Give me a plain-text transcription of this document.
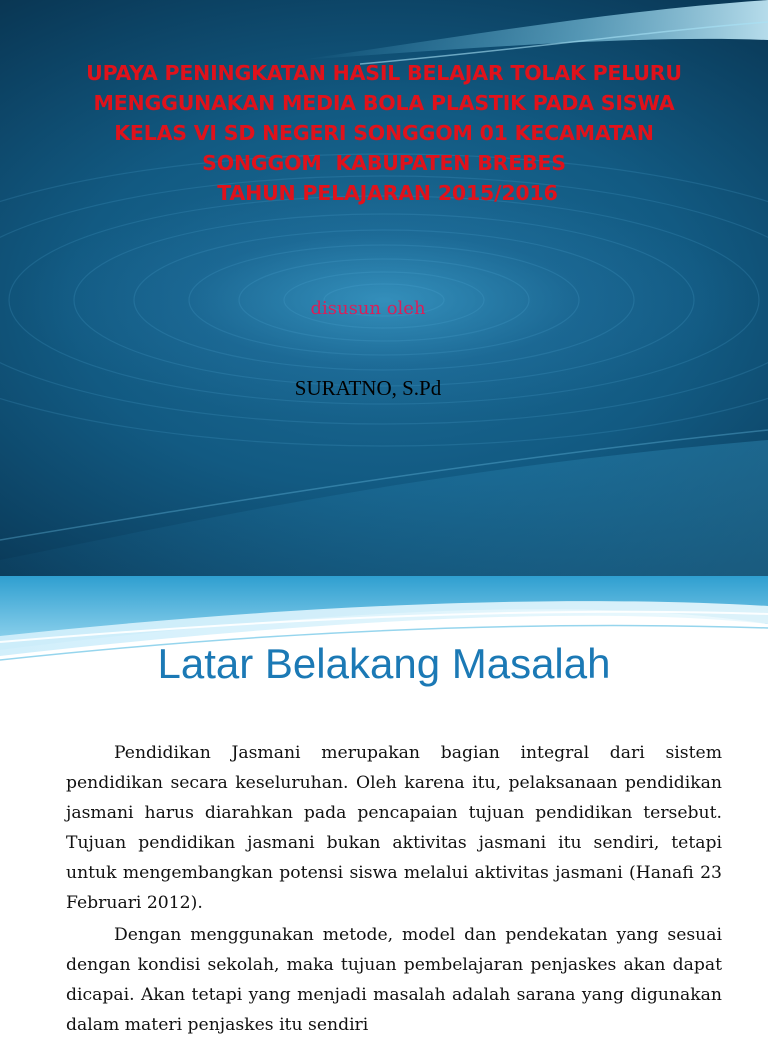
UPAYA PENINGKATAN HASIL BELAJAR TOLAK PELURU
MENGGUNAKAN MEDIA BOLA PLASTIK PADA SISWA
KELAS VI SD NEGERI SONGGOM 01 KECAMATAN
SONGGOM  KABUPATEN BREBES
TAHUN PELAJARAN 2015/2016
disusun oleh
SURATNO, S.Pd
Latar Belakang Masalah

Pendidikan Jasmani merupakan bagian integral dari sistem pendidikan secara keseluruhan. Oleh karena itu, pelaksanaan pendidikan jasmani harus diarahkan pada pencapaian tujuan pendidikan tersebut. Tujuan pendidikan jasmani bukan aktivitas jasmani itu sendiri, tetapi untuk mengembangkan potensi siswa melalui aktivitas jasmani (Hanafi 23 Februari 2012).

Dengan menggunakan metode, model dan pendekatan yang sesuai dengan kondisi sekolah, maka tujuan pembelajaran penjaskes akan dapat dicapai. Akan tetapi yang menjadi masalah adalah sarana yang digunakan dalam materi penjaskes itu sendiri
